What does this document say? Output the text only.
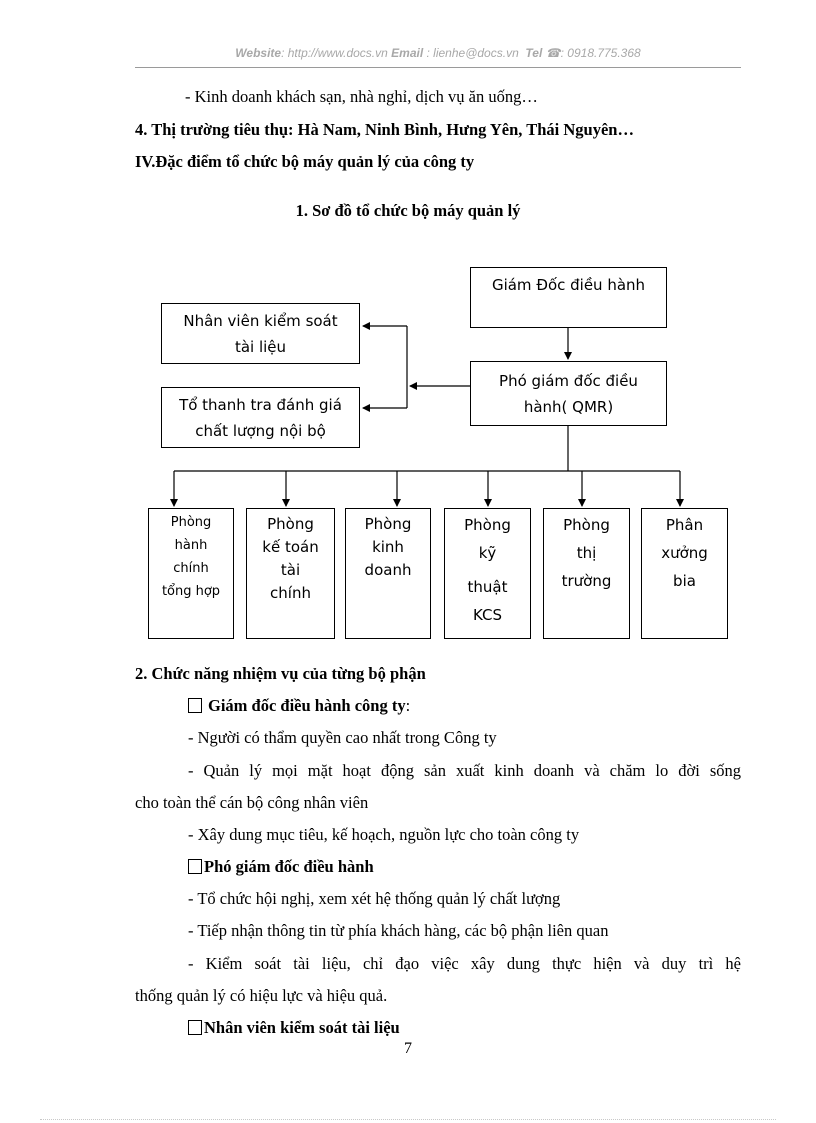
Website: http://www.docs.vn Email : lienhe@docs.vn Tel ☎: 0918.775.368
- Kinh doanh khách sạn, nhà nghỉ, dịch vụ ăn uống…
4. Thị trường tiêu thụ: Hà Nam, Ninh Bình, Hưng Yên, Thái Nguyên…
IV.Đặc điểm tổ chức bộ máy quản lý của công ty
1. Sơ đồ tổ chức bộ máy quản lý
Giám Đốc điều hành
Phó giám đốc điều
hành( QMR)
Nhân viên kiểm soát
tài liệu
Tổ thanh tra đánh giá
chất lượng nội bộ
Phòng
hành
chính
tổng hợp
Phòng
kế toán
tài
chính
Phòng
kinh
doanh
Phòng
kỹ
thuật
KCS
Phòng
thị
trường
Phân
xưởng
bia
2. Chức năng nhiệm vụ của từng bộ phận
Giám đốc điều hành công ty:
- Người có thẩm quyền cao nhất trong Công ty
- Quản lý mọi mặt hoạt động sản xuất kinh doanh và chăm lo đời sống
cho toàn thể cán bộ công nhân viên
- Xây dung mục tiêu, kế hoạch, nguồn lực cho toàn công ty
Phó giám đốc điều hành
- Tổ chức hội nghị, xem xét hệ thống quản lý chất lượng
- Tiếp nhận thông tin từ phía khách hàng, các bộ phận liên quan
- Kiểm soát tài liệu, chỉ đạo việc xây dung thực hiện và duy trì hệ
thống quản lý có hiệu lực và hiệu quả.
Nhân viên kiểm soát tài liệu
7
